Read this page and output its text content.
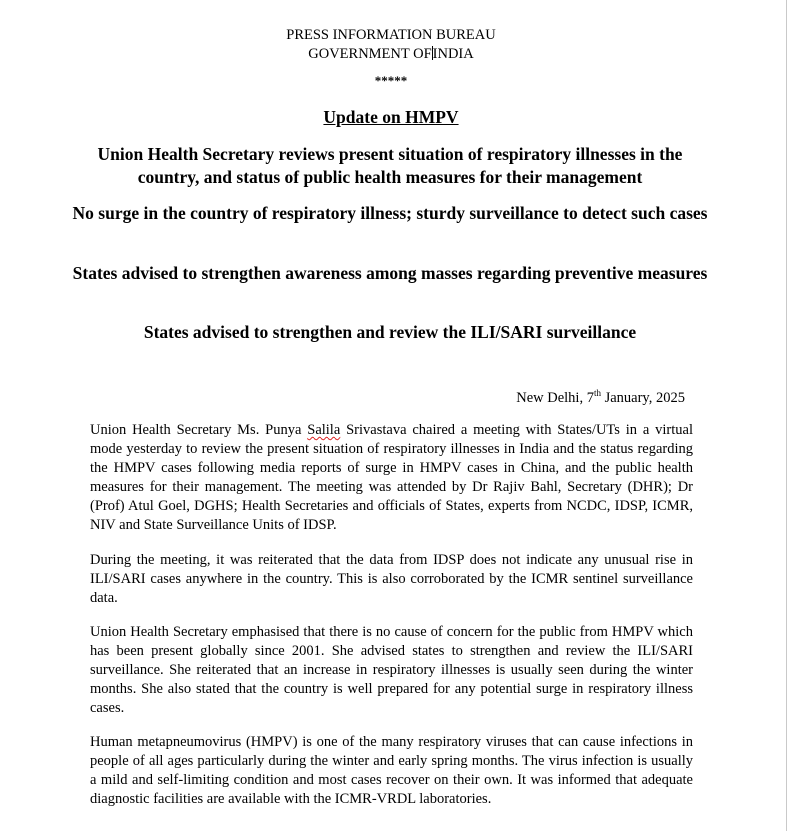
PRESS INFORMATION BUREAU
GOVERNMENT OFINDIA
*****
Update on HMPV
Union Health Secretary reviews present situation of respiratory illnesses in the country, and status of public health measures for their management
No surge in the country of respiratory illness; sturdy surveillance to detect such cases
States advised to strengthen awareness among masses regarding preventive measures
States advised to strengthen and review the ILI/SARI surveillance
New Delhi, 7th January, 2025

Union Health Secretary Ms. Punya Salila Srivastava chaired a meeting with States/UTs in a virtual mode yesterday to review the present situation of respiratory illnesses in India and the status regarding the HMPV cases following media reports of surge in HMPV cases in China, and the public health measures for their management. The meeting was attended by Dr Rajiv Bahl, Secretary (DHR); Dr (Prof) Atul Goel, DGHS; Health Secretaries and officials of States, experts from NCDC, IDSP, ICMR, NIV and State Surveillance Units of IDSP.

During the meeting, it was reiterated that the data from IDSP does not indicate any unusual rise in ILI/SARI cases anywhere in the country. This is also corroborated by the ICMR sentinel surveillance data.

Union Health Secretary emphasised that there is no cause of concern for the public from HMPV which has been present globally since 2001. She advised states to strengthen and review the ILI/SARI surveillance. She reiterated that an increase in respiratory illnesses is usually seen during the winter months. She also stated that the country is well prepared for any potential surge in respiratory illness cases.

Human metapneumovirus (HMPV) is one of the many respiratory viruses that can cause infections in people of all ages particularly during the winter and early spring months. The virus infection is usually a mild and self-limiting condition and most cases recover on their own. It was informed that adequate diagnostic facilities are available with the ICMR-VRDL laboratories.
